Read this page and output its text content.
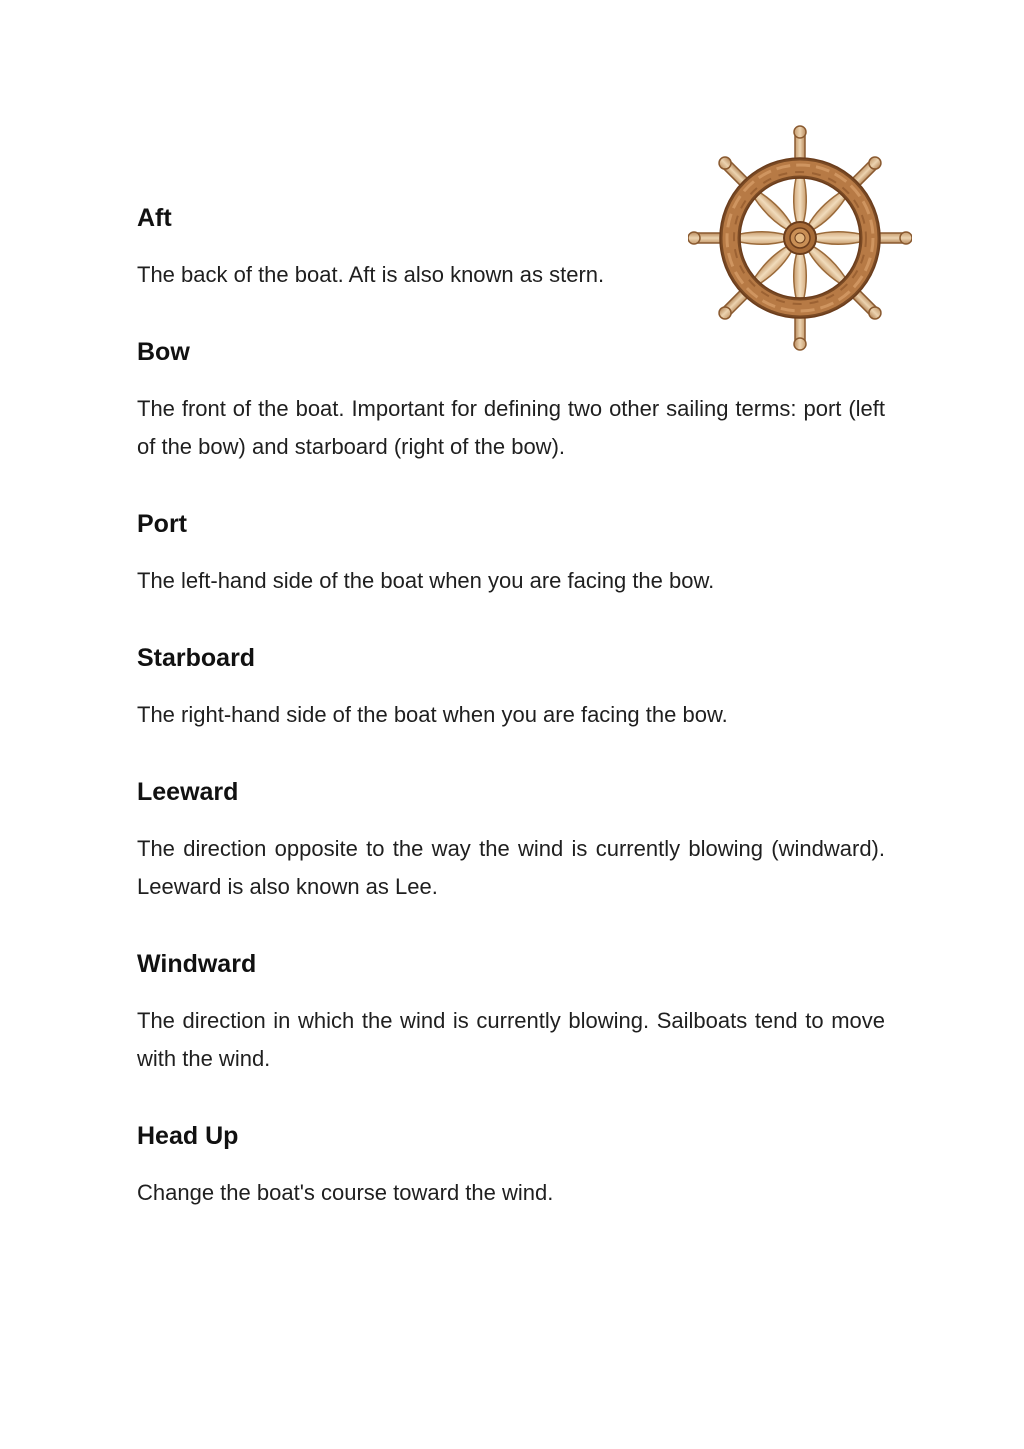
Aft

The back of the boat. Aft is also known as stern.

Bow

The front of the boat. Important for defining two other sailing terms: port (left of the bow) and starboard (right of the bow).

Port

The left-hand side of the boat when you are facing the bow.

Starboard

The right-hand side of the boat when you are facing the bow.

Leeward

The direction opposite to the way the wind is currently blowing (windward). Leeward is also known as Lee.

Windward

The direction in which the wind is currently blowing. Sailboats tend to move with the wind.

Head Up

Change the boat's course toward the wind.
